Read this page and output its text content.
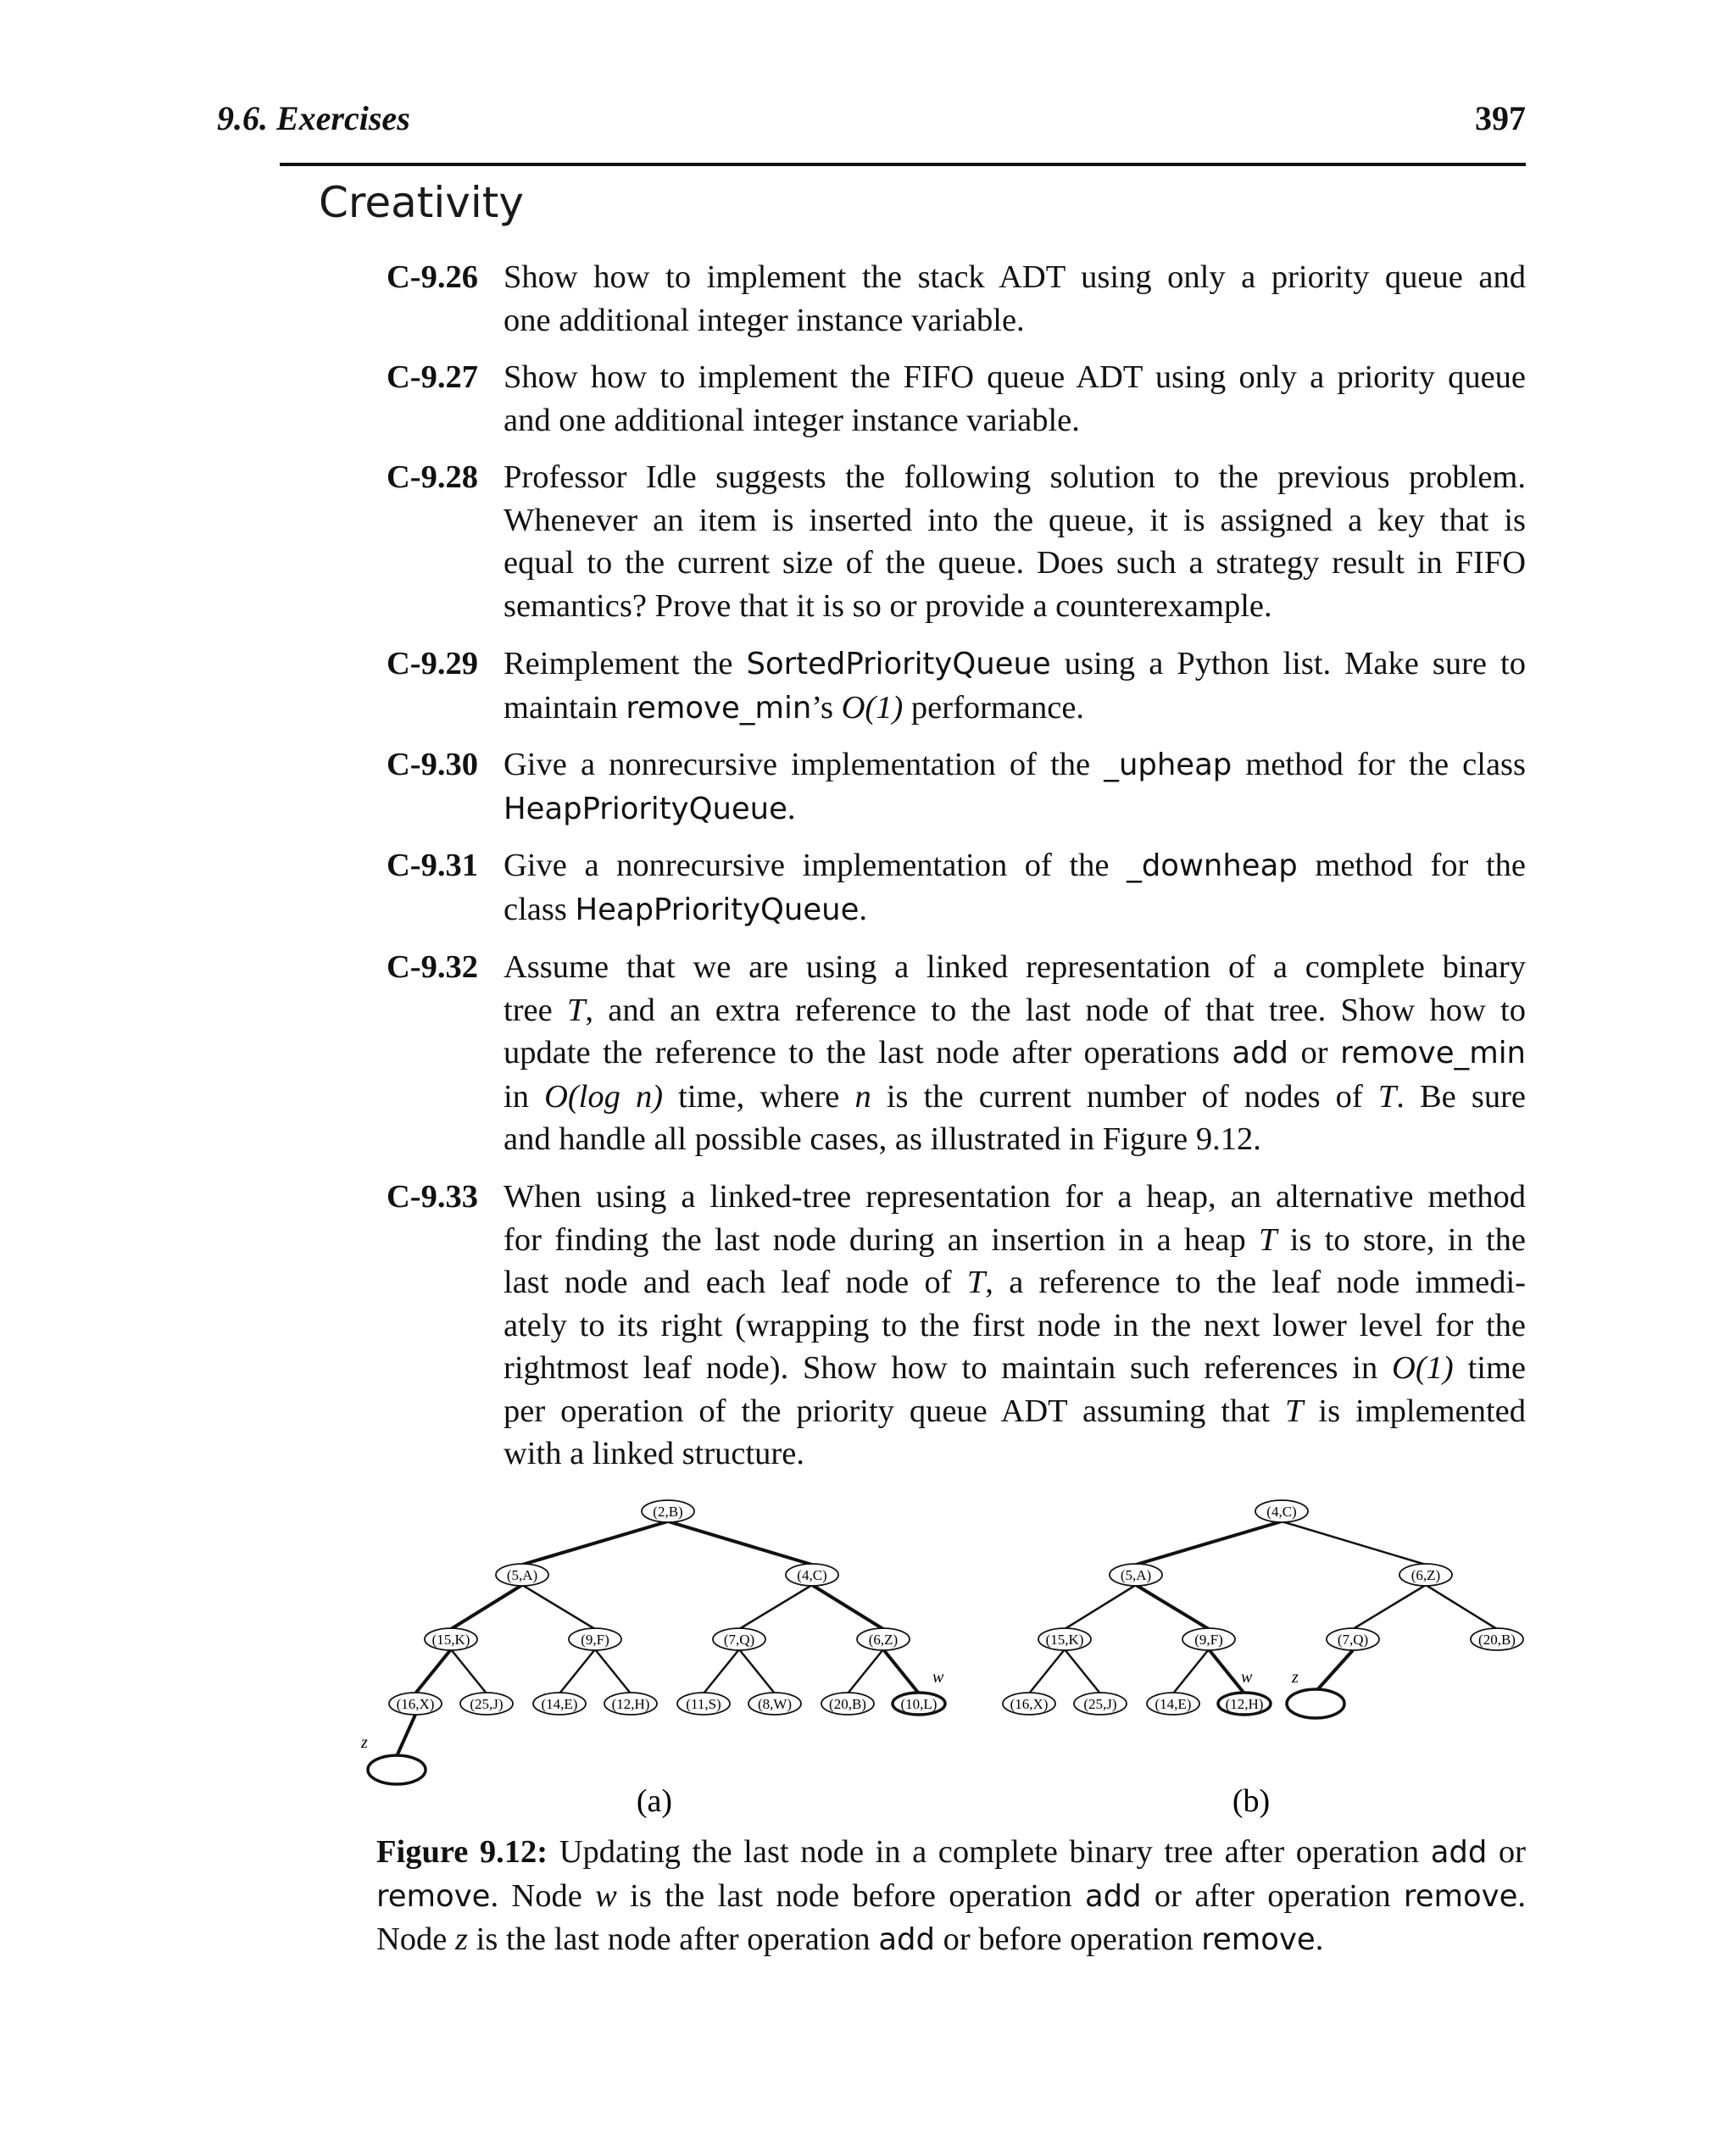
9.6. Exercises	397
Creativity
C-9.26 Show how to implement the stack ADT using only a priority queue and
one additional integer instance variable.
C-9.27 Show how to implement the FIFO queue ADT using only a priority queue
and one additional integer instance variable.
C-9.28 Professor Idle suggests the following solution to the previous problem.
Whenever an item is inserted into the queue, it is assigned a key that is
equal to the current size of the queue. Does such a strategy result in FIFO
semantics? Prove that it is so or provide a counterexample.
C-9.29 Reimplement the SortedPriorityQueue using a Python list. Make sure to
maintain remove_min’s O(1) performance.
C-9.30 Give a nonrecursive implementation of the _upheap method for the class
HeapPriorityQueue.
C-9.31 Give a nonrecursive implementation of the _downheap method for the
class HeapPriorityQueue.
C-9.32 Assume that we are using a linked representation of a complete binary
tree T, and an extra reference to the last node of that tree. Show how to
update the reference to the last node after operations add or remove_min
in O(log n) time, where n is the current number of nodes of T. Be sure
and handle all possible cases, as illustrated in Figure 9.12.
C-9.33 When using a linked-tree representation for a heap, an alternative method
for finding the last node during an insertion in a heap T is to store, in the
last node and each leaf node of T, a reference to the leaf node immedi-
ately to its right (wrapping to the first node in the next lower level for the
rightmost leaf node). Show how to maintain such references in O(1) time
per operation of the priority queue ADT assuming that T is implemented
with a linked structure.
(2,B)
(5,A)	(4,C)
(15,K)	(9,F)	(7,Q)	(6,Z)
(16,X) (25,J)	(14,E) (12,H)	(11,S)	(8,W)	(20,B) (10,L)
w
z
(4,C)
(5,A)	(6,Z)
(15,K)	(9,F)	(7,Q)	(20,B)
(16,X) (25,J)	(14,E) (12,H)
w z
(a)	(b)
Figure 9.12: Updating the last node in a complete binary tree after operation add or
remove. Node w is the last node before operation add or after operation remove.
Node z is the last node after operation add or before operation remove.
